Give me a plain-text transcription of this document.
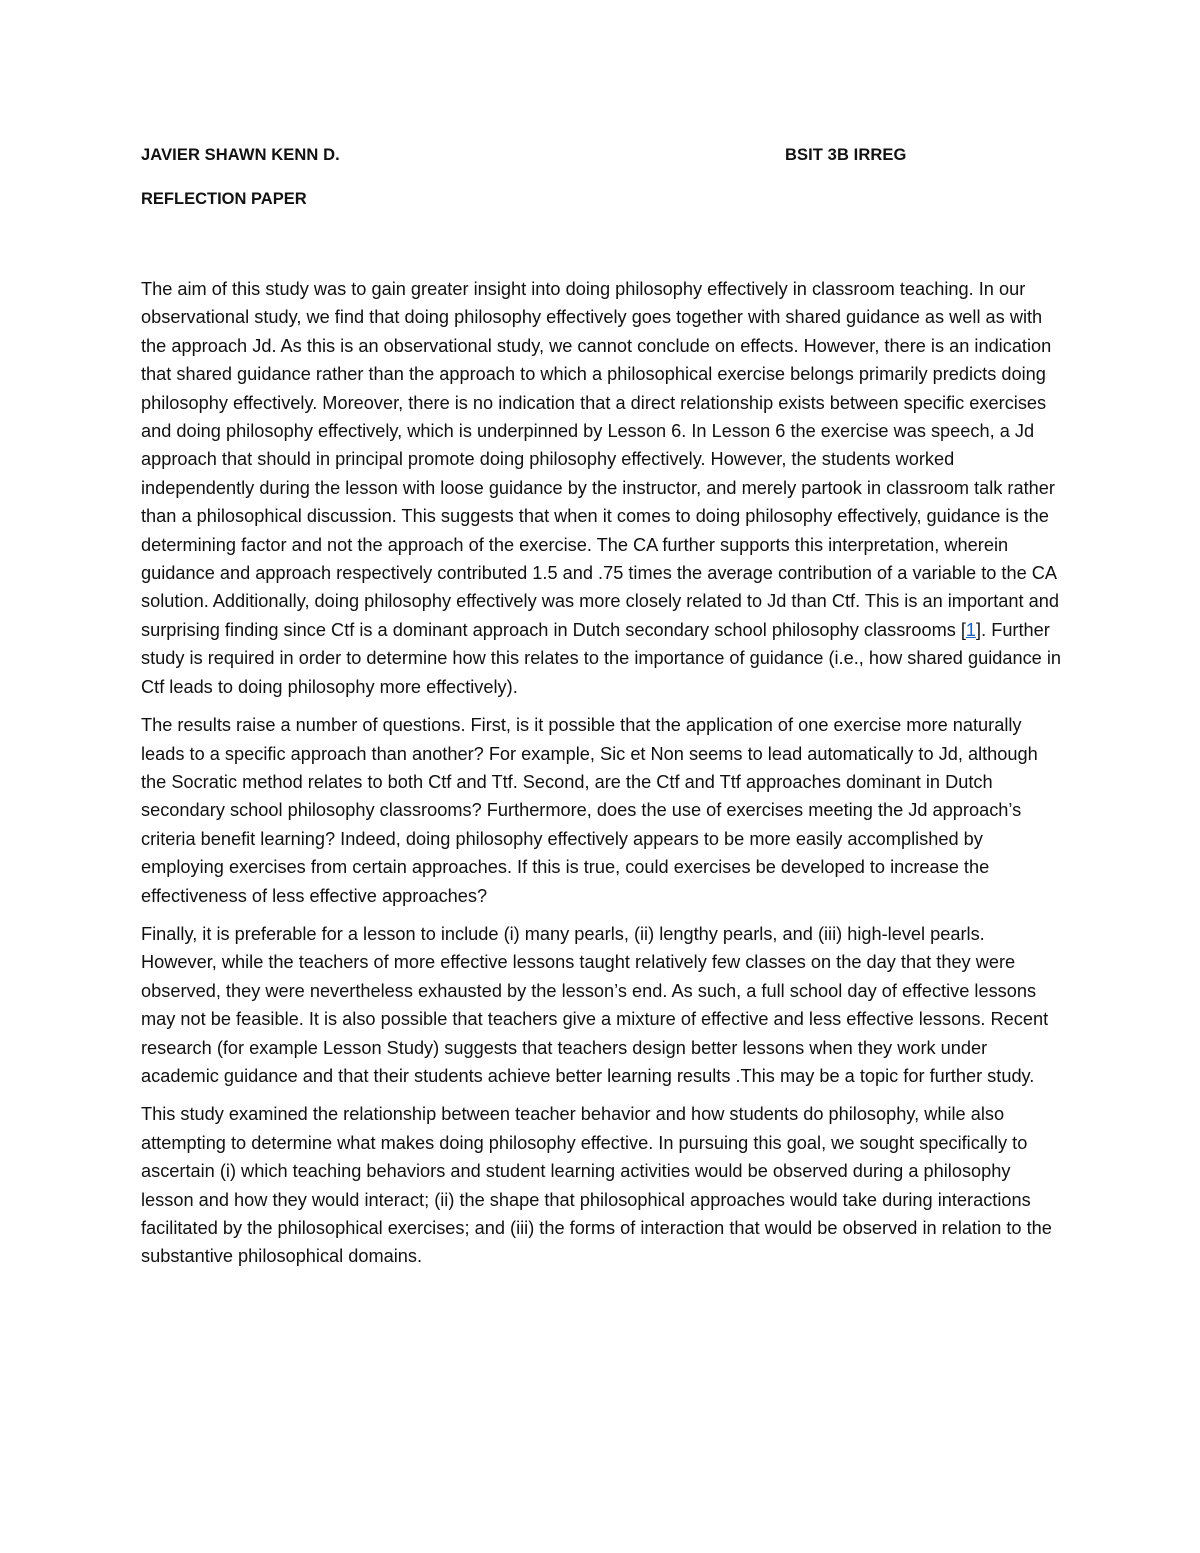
JAVIER SHAWN KENN D.	BSIT 3B IRREG
REFLECTION PAPER

The aim of this study was to gain greater insight into doing philosophy effectively in classroom teaching. In our observational study, we find that doing philosophy effectively goes together with shared guidance as well as with the approach Jd. As this is an observational study, we cannot conclude on effects. However, there is an indication that shared guidance rather than the approach to which a philosophical exercise belongs primarily predicts doing philosophy effectively. Moreover, there is no indication that a direct relationship exists between specific exercises and doing philosophy effectively, which is underpinned by Lesson 6. In Lesson 6 the exercise was speech, a Jd approach that should in principal promote doing philosophy effectively. However, the students worked independently during the lesson with loose guidance by the instructor, and merely partook in classroom talk rather than a philosophical discussion. This suggests that when it comes to doing philosophy effectively, guidance is the determining factor and not the approach of the exercise. The CA further supports this interpretation, wherein guidance and approach respectively contributed 1.5 and .75 times the average contribution of a variable to the CA solution. Additionally, doing philosophy effectively was more closely related to Jd than Ctf. This is an important and surprising finding since Ctf is a dominant approach in Dutch secondary school philosophy classrooms [1]. Further study is required in order to determine how this relates to the importance of guidance (i.e., how shared guidance in Ctf leads to doing philosophy more effectively).

The results raise a number of questions. First, is it possible that the application of one exercise more naturally leads to a specific approach than another? For example, Sic et Non seems to lead automatically to Jd, although the Socratic method relates to both Ctf and Ttf. Second, are the Ctf and Ttf approaches dominant in Dutch secondary school philosophy classrooms? Furthermore, does the use of exercises meeting the Jd approach’s criteria benefit learning? Indeed, doing philosophy effectively appears to be more easily accomplished by employing exercises from certain approaches. If this is true, could exercises be developed to increase the effectiveness of less effective approaches?

Finally, it is preferable for a lesson to include (i) many pearls, (ii) lengthy pearls, and (iii) high-level pearls. However, while the teachers of more effective lessons taught relatively few classes on the day that they were observed, they were nevertheless exhausted by the lesson’s end. As such, a full school day of effective lessons may not be feasible. It is also possible that teachers give a mixture of effective and less effective lessons. Recent research (for example Lesson Study) suggests that teachers design better lessons when they work under academic guidance and that their students achieve better learning results .This may be a topic for further study.

This study examined the relationship between teacher behavior and how students do philosophy, while also attempting to determine what makes doing philosophy effective. In pursuing this goal, we sought specifically to ascertain (i) which teaching behaviors and student learning activities would be observed during a philosophy lesson and how they would interact; (ii) the shape that philosophical approaches would take during interactions facilitated by the philosophical exercises; and (iii) the forms of interaction that would be observed in relation to the substantive philosophical domains.
